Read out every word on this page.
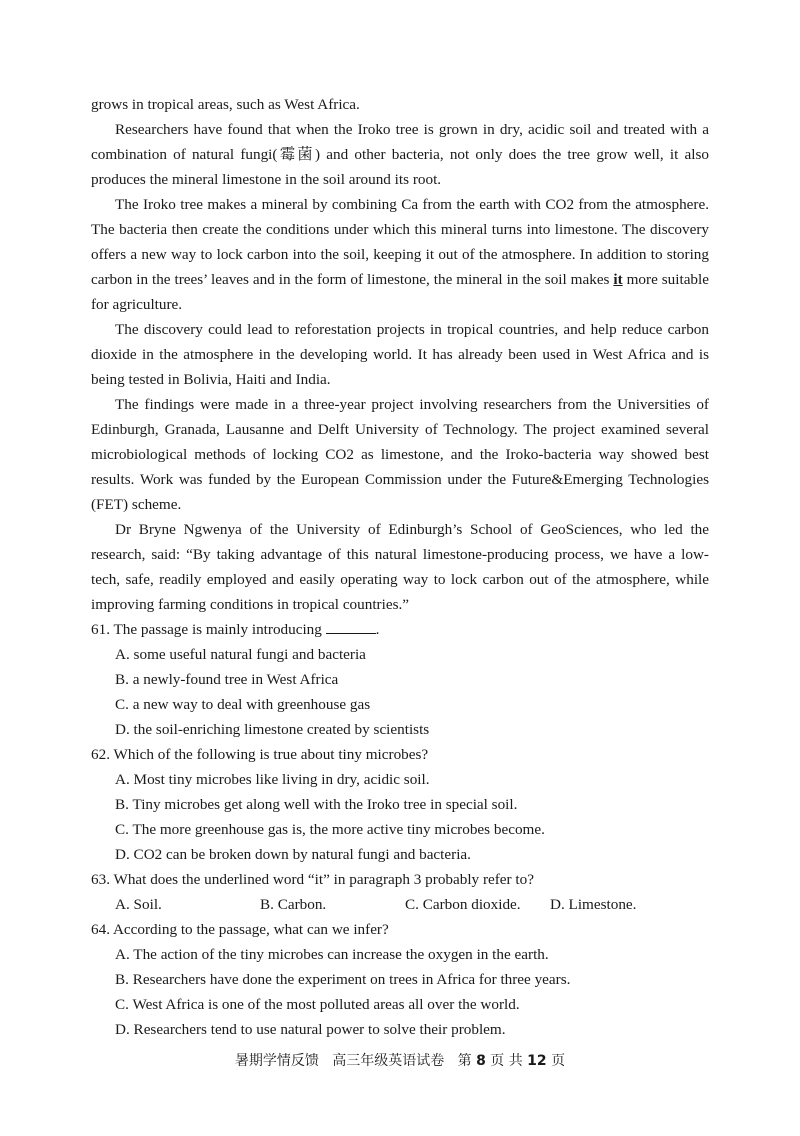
grows in tropical areas, such as West Africa.

Researchers have found that when the Iroko tree is grown in dry, acidic soil and treated with a combination of natural fungi(霉菌) and other bacteria, not only does the tree grow well, it also produces the mineral limestone in the soil around its root.

The Iroko tree makes a mineral by combining Ca from the earth with CO2 from the atmosphere. The bacteria then create the conditions under which this mineral turns into limestone. The discovery offers a new way to lock carbon into the soil, keeping it out of the atmosphere. In addition to storing carbon in the trees’ leaves and in the form of limestone, the mineral in the soil makes it more suitable for agriculture.

The discovery could lead to reforestation projects in tropical countries, and help reduce carbon dioxide in the atmosphere in the developing world. It has already been used in West Africa and is being tested in Bolivia, Haiti and India.

The findings were made in a three-year project involving researchers from the Universities of Edinburgh, Granada, Lausanne and Delft University of Technology. The project examined several microbiological methods of locking CO2 as limestone, and the Iroko-bacteria way showed best results. Work was funded by the European Commission under the Future&Emerging Technologies (FET) scheme.

Dr Bryne Ngwenya of the University of Edinburgh’s School of GeoSciences, who led the research, said: “By taking advantage of this natural limestone-producing process, we have a low-tech, safe, readily employed and easily operating way to lock carbon out of the atmosphere, while improving farming conditions in tropical countries.”

61. The passage is mainly introducing	.
A. some useful natural fungi and bacteria
B. a newly-found tree in West Africa
C. a new way to deal with greenhouse gas
D. the soil-enriching limestone created by scientists
62. Which of the following is true about tiny microbes?
A. Most tiny microbes like living in dry, acidic soil.
B. Tiny microbes get along well with the Iroko tree in special soil.
C. The more greenhouse gas is, the more active tiny microbes become.
D. CO2 can be broken down by natural fungi and bacteria.
63. What does the underlined word “it” in paragraph 3 probably refer to?
A. Soil.	B. Carbon.	C. Carbon dioxide.	D. Limestone.
64. According to the passage, what can we infer?
A. The action of the tiny microbes can increase the oxygen in the earth.
B. Researchers have done the experiment on trees in Africa for three years.
C. West Africa is one of the most polluted areas all over the world.
D. Researchers tend to use natural power to solve their problem.
暑期学情反馈 高三年级英语试卷 第 8 页 共 12 页
